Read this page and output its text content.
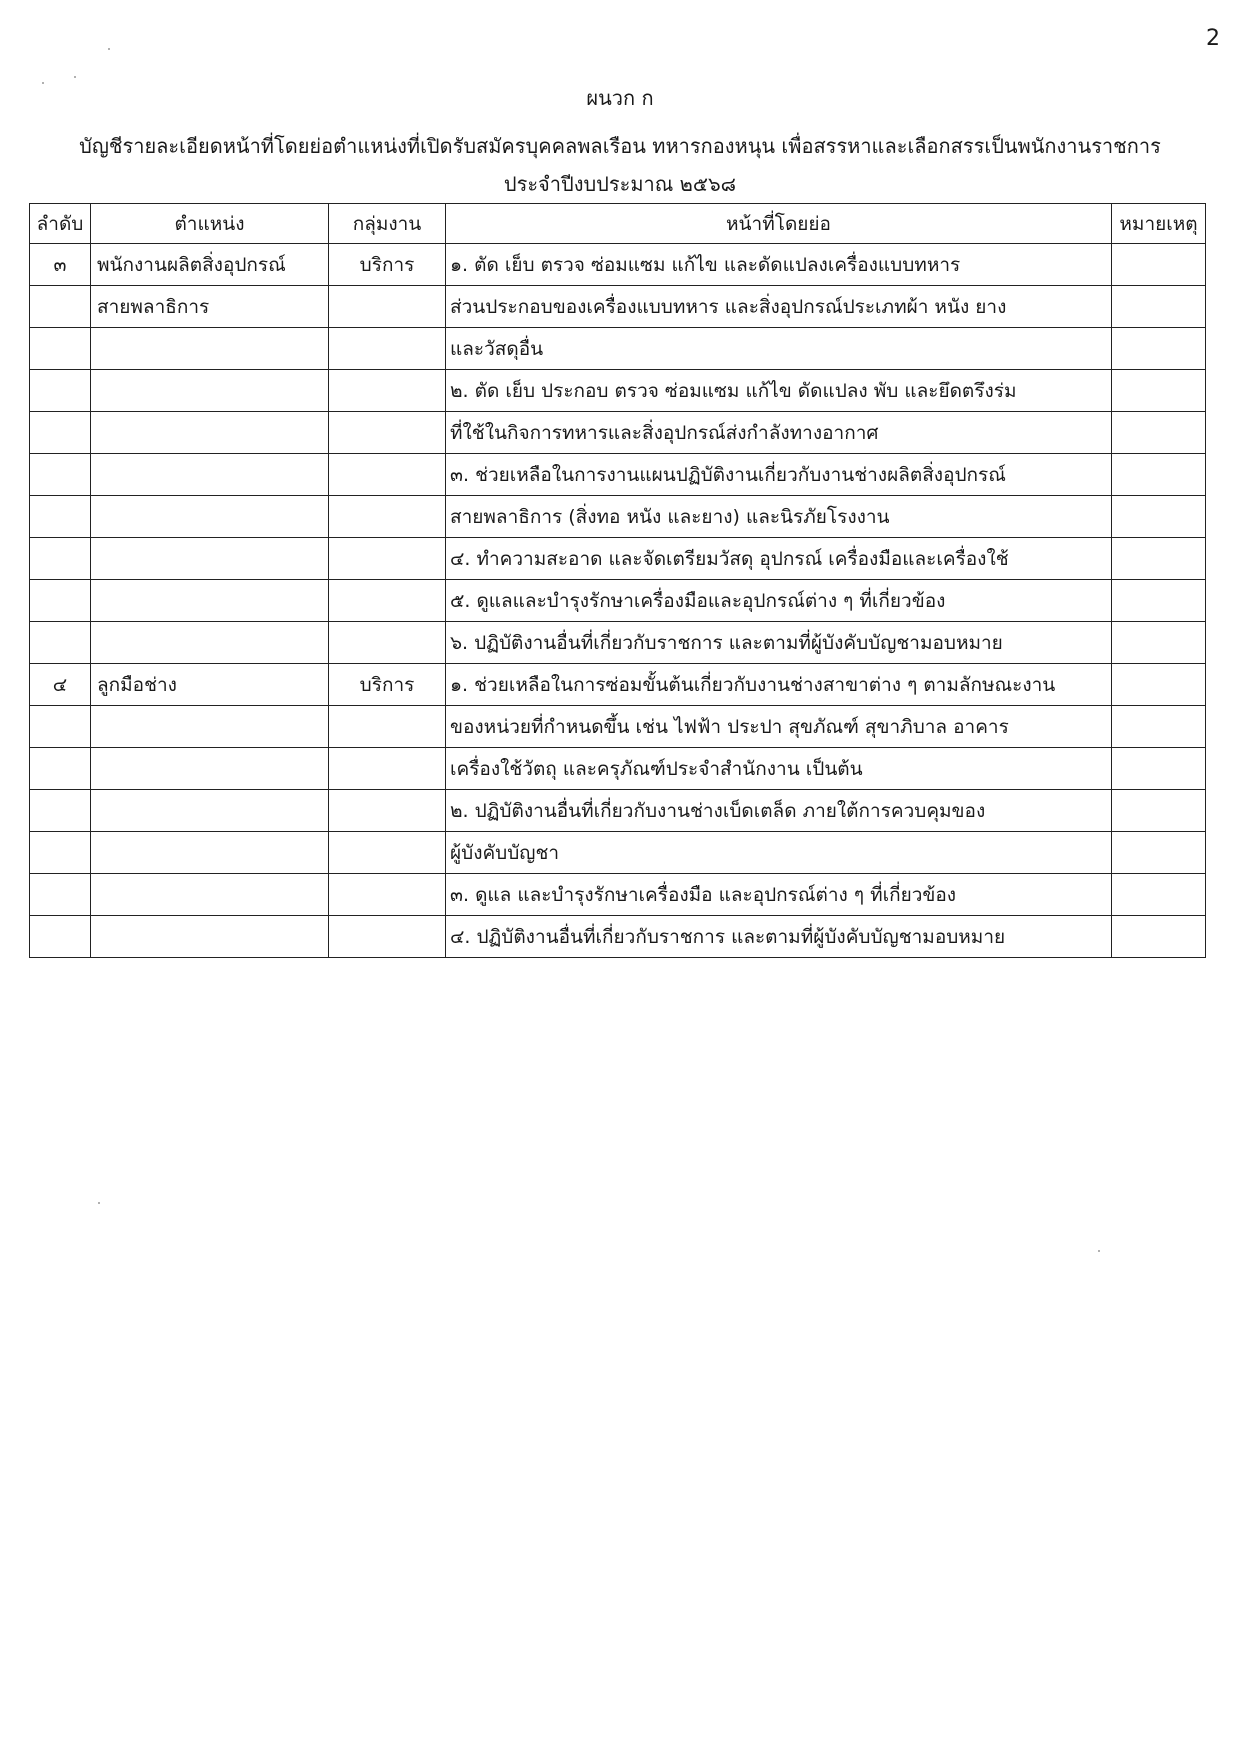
2
ผนวก ก
บัญชีรายละเอียดหน้าที่โดยย่อตำแหน่งที่เปิดรับสมัครบุคคลพลเรือน ทหารกองหนุน เพื่อสรรหาและเลือกสรรเป็นพนักงานราชการ
ประจำปีงบประมาณ ๒๕๖๘
ลำดับ	ตำแหน่ง	กลุ่มงาน	หน้าที่โดยย่อ	หมายเหตุ
๓	พนักงานผลิตสิ่งอุปกรณ์	บริการ	๑. ตัด เย็บ ตรวจ ซ่อมแซม แก้ไข และดัดแปลงเครื่องแบบทหาร	
	สายพลาธิการ		ส่วนประกอบของเครื่องแบบทหาร และสิ่งอุปกรณ์ประเภทผ้า หนัง ยาง	
			และวัสดุอื่น	
			๒. ตัด เย็บ ประกอบ ตรวจ ซ่อมแซม แก้ไข ดัดแปลง พับ และยึดตรึงร่ม	
			ที่ใช้ในกิจการทหารและสิ่งอุปกรณ์ส่งกำลังทางอากาศ	
			๓. ช่วยเหลือในการงานแผนปฏิบัติงานเกี่ยวกับงานช่างผลิตสิ่งอุปกรณ์	
			สายพลาธิการ (สิ่งทอ หนัง และยาง) และนิรภัยโรงงาน	
			๔. ทำความสะอาด และจัดเตรียมวัสดุ อุปกรณ์ เครื่องมือและเครื่องใช้	
			๕. ดูแลและบำรุงรักษาเครื่องมือและอุปกรณ์ต่าง ๆ ที่เกี่ยวข้อง	
			๖. ปฏิบัติงานอื่นที่เกี่ยวกับราชการ และตามที่ผู้บังคับบัญชามอบหมาย	
๔	ลูกมือช่าง	บริการ	๑. ช่วยเหลือในการซ่อมขั้นต้นเกี่ยวกับงานช่างสาขาต่าง ๆ ตามลักษณะงาน	
			ของหน่วยที่กำหนดขึ้น เช่น ไฟฟ้า ประปา สุขภัณฑ์ สุขาภิบาล อาคาร	
			เครื่องใช้วัตถุ และครุภัณฑ์ประจำสำนักงาน เป็นต้น	
			๒. ปฏิบัติงานอื่นที่เกี่ยวกับงานช่างเบ็ดเตล็ด ภายใต้การควบคุมของ	
			ผู้บังคับบัญชา	
			๓. ดูแล และบำรุงรักษาเครื่องมือ และอุปกรณ์ต่าง ๆ ที่เกี่ยวข้อง	
			๔. ปฏิบัติงานอื่นที่เกี่ยวกับราชการ และตามที่ผู้บังคับบัญชามอบหมาย	
